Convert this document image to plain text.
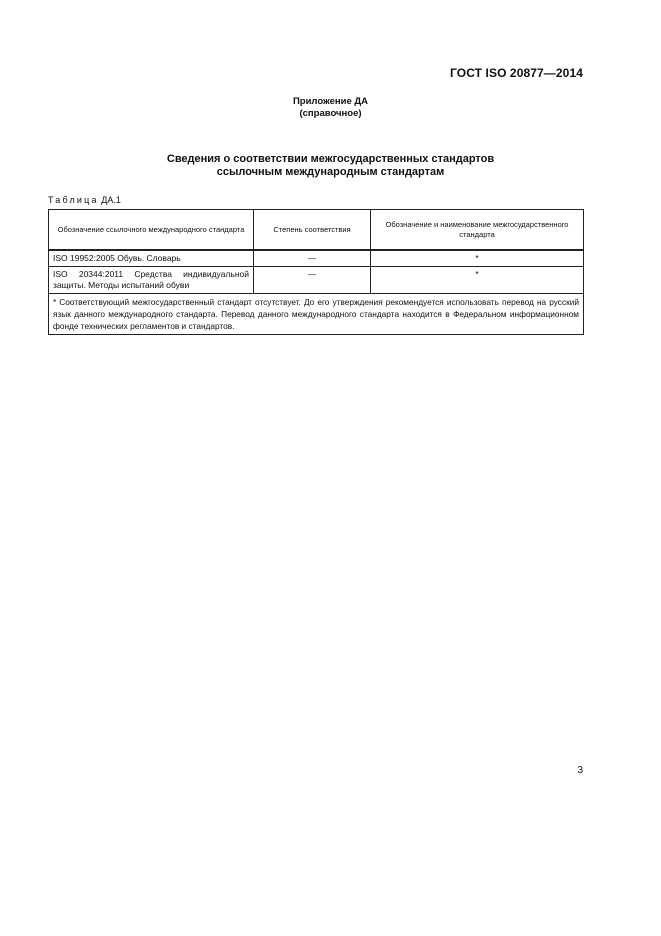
ГОСТ ISO 20877—2014
Приложение ДА
(справочное)
Сведения о соответствии межгосударственных стандартов
ссылочным международным стандартам
Таблица ДА.1
Обозначение ссылочного международного стандарта	Степень соответствия	Обозначение и наименование межгосударственного стандарта
ISO 19952:2005 Обувь. Словарь	—	*
ISO 20344:2011 Средства индивидуальной защиты. Методы испытаний обуви	—	*
* Соответствующий межгосударственный стандарт отсутствует. До его утверждения рекомендуется использовать перевод на русский язык данного международного стандарта. Перевод данного международного стандарта находится в Федеральном информационном фонде технических регламентов и стандартов.		
3
